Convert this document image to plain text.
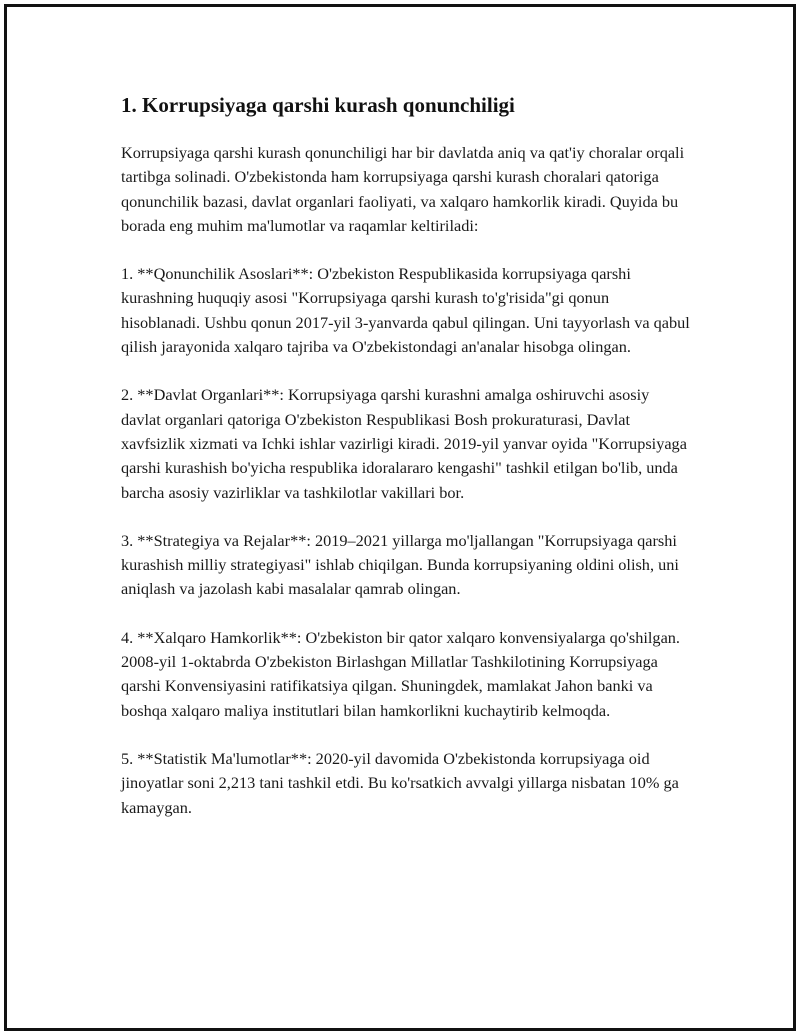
1. Korrupsiyaga qarshi kurash qonunchiligi

Korrupsiyaga qarshi kurash qonunchiligi har bir davlatda aniq va qat'iy choralar orqali tartibga solinadi. O'zbekistonda ham korrupsiyaga qarshi kurash choralari qatoriga qonunchilik bazasi, davlat organlari faoliyati, va xalqaro hamkorlik kiradi. Quyida bu borada eng muhim ma'lumotlar va raqamlar keltiriladi:

1. **Qonunchilik Asoslari**: O'zbekiston Respublikasida korrupsiyaga qarshi kurashning huquqiy asosi "Korrupsiyaga qarshi kurash to'g'risida"gi qonun hisoblanadi. Ushbu qonun 2017-yil 3-yanvarda qabul qilingan. Uni tayyorlash va qabul qilish jarayonida xalqaro tajriba va O'zbekistondagi an'analar hisobga olingan.

2. **Davlat Organlari**: Korrupsiyaga qarshi kurashni amalga oshiruvchi asosiy davlat organlari qatoriga O'zbekiston Respublikasi Bosh prokuraturasi, Davlat xavfsizlik xizmati va Ichki ishlar vazirligi kiradi. 2019-yil yanvar oyida "Korrupsiyaga qarshi kurashish bo'yicha respublika idoralararo kengashi" tashkil etilgan bo'lib, unda barcha asosiy vazirliklar va tashkilotlar vakillari bor.

3. **Strategiya va Rejalar**: 2019–2021 yillarga mo'ljallangan "Korrupsiyaga qarshi kurashish milliy strategiyasi" ishlab chiqilgan. Bunda korrupsiyaning oldini olish, uni aniqlash va jazolash kabi masalalar qamrab olingan.

4. **Xalqaro Hamkorlik**: O'zbekiston bir qator xalqaro konvensiyalarga qo'shilgan. 2008-yil 1-oktabrda O'zbekiston Birlashgan Millatlar Tashkilotining Korrupsiyaga qarshi Konvensiyasini ratifikatsiya qilgan. Shuningdek, mamlakat Jahon banki va boshqa xalqaro maliya institutlari bilan hamkorlikni kuchaytirib kelmoqda.

5. **Statistik Ma'lumotlar**: 2020-yil davomida O'zbekistonda korrupsiyaga oid jinoyatlar soni 2,213 tani tashkil etdi. Bu ko'rsatkich avvalgi yillarga nisbatan 10% ga kamaygan.
